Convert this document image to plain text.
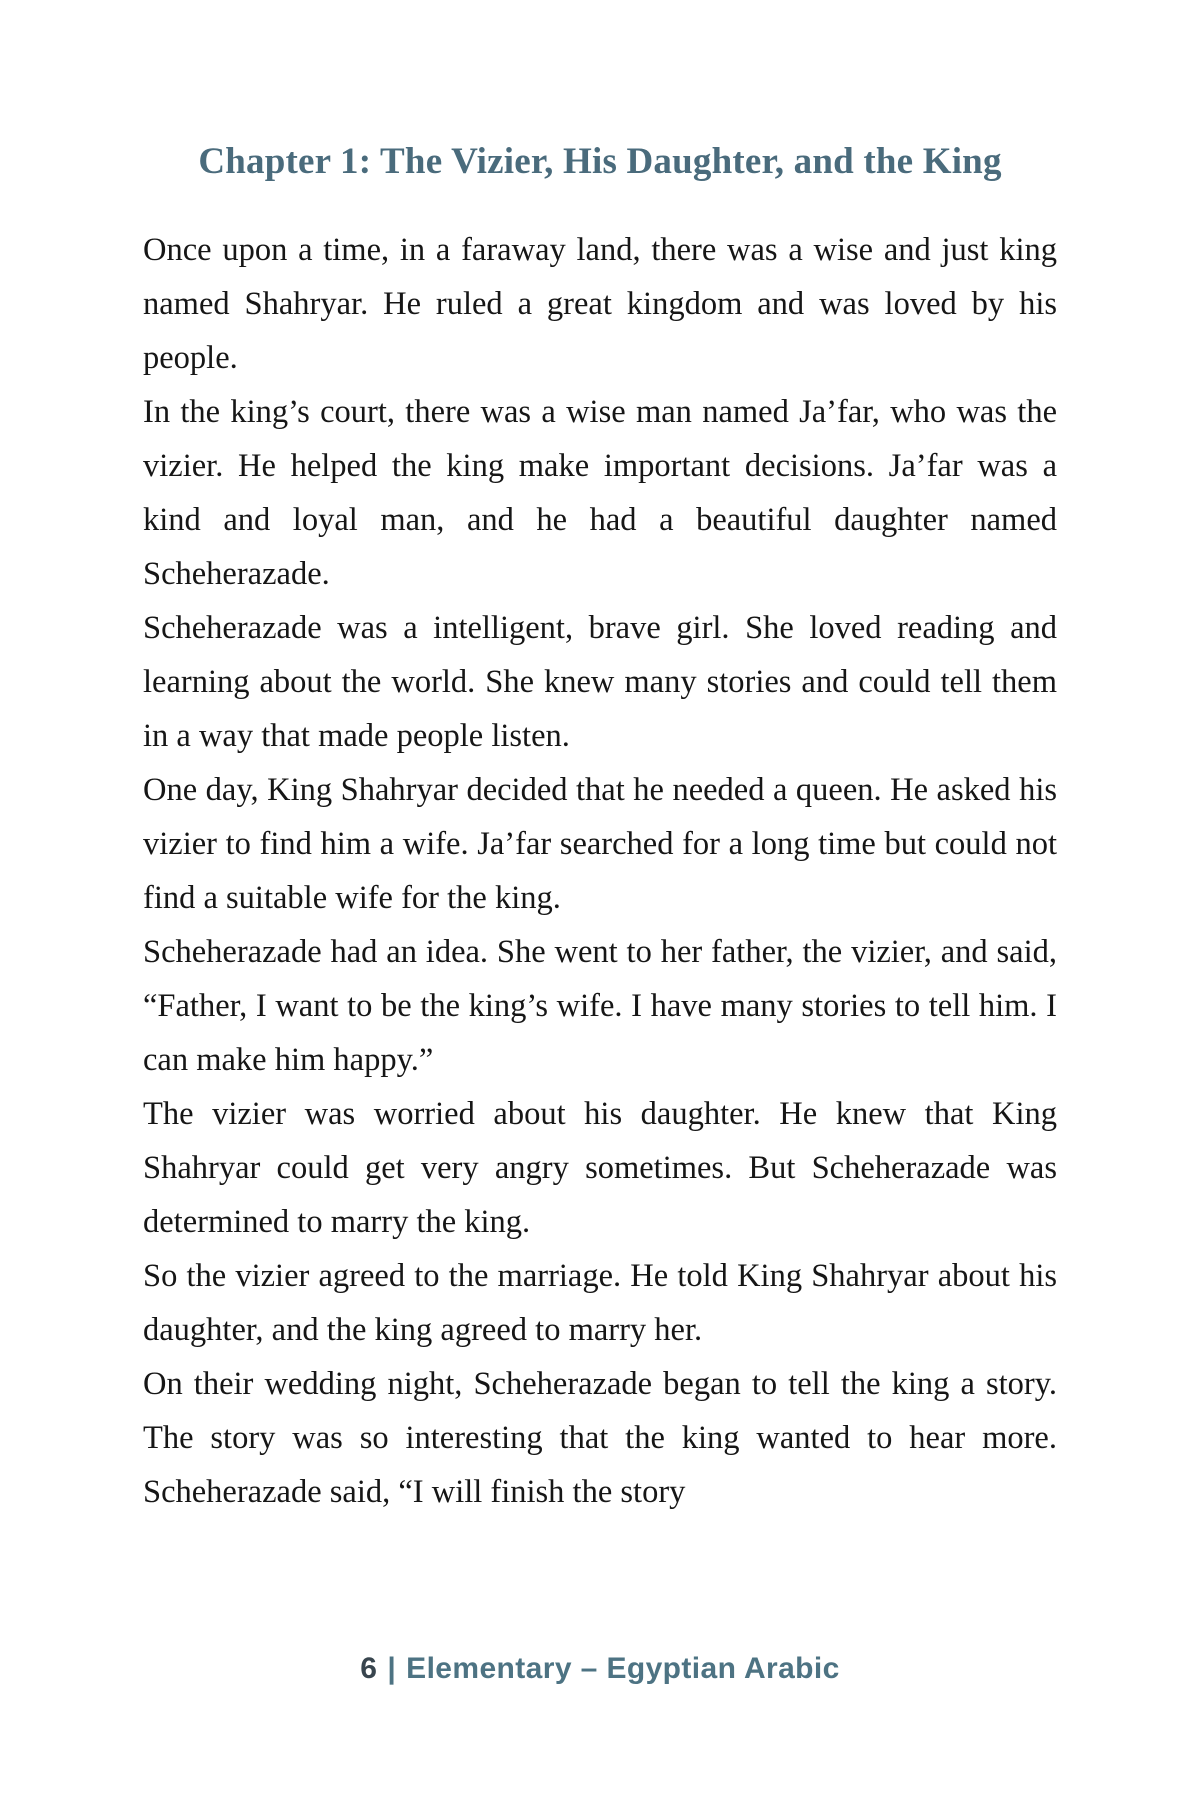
Chapter 1: The Vizier, His Daughter, and the King

Once upon a time, in a faraway land, there was a wise and just king named Shahryar. He ruled a great kingdom and was loved by his people.

In the king’s court, there was a wise man named Ja’far, who was the vizier. He helped the king make important decisions. Ja’far was a kind and loyal man, and he had a beautiful daughter named Scheherazade.

Scheherazade was a intelligent, brave girl. She loved reading and learning about the world. She knew many stories and could tell them in a way that made people listen.

One day, King Shahryar decided that he needed a queen. He asked his vizier to find him a wife. Ja’far searched for a long time but could not find a suitable wife for the king.

Scheherazade had an idea. She went to her father, the vizier, and said, “Father, I want to be the king’s wife. I have many stories to tell him. I can make him happy.”

The vizier was worried about his daughter. He knew that King Shahryar could get very angry sometimes. But Scheherazade was determined to marry the king.

So the vizier agreed to the marriage. He told King Shahryar about his daughter, and the king agreed to marry her.

On their wedding night, Scheherazade began to tell the king a story. The story was so interesting that the king wanted to hear more. Scheherazade said, “I will finish the story

6 | Elementary – Egyptian Arabic
